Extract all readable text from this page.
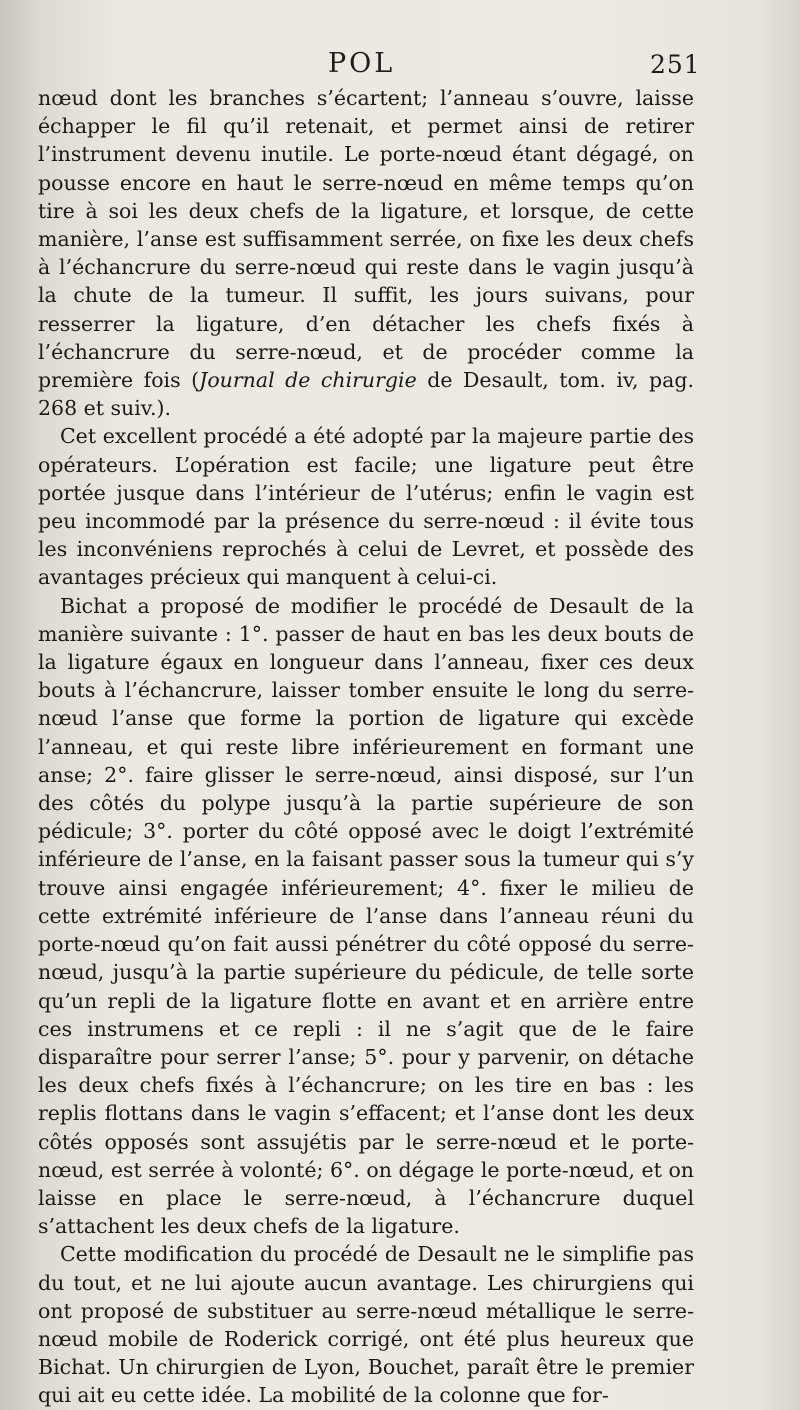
POL	251

nœud dont les branches s’écartent; l’anneau s’ouvre, laisse échapper le fil qu’il retenait, et permet ainsi de retirer l’instrument devenu inutile. Le porte-nœud étant dégagé, on pousse encore en haut le serre-nœud en même temps qu’on tire à soi les deux chefs de la ligature, et lorsque, de cette manière, l’anse est suffisamment serrée, on fixe les deux chefs à l’échancrure du serre-nœud qui reste dans le vagin jusqu’à la chute de la tumeur. Il suffit, les jours suivans, pour resserrer la ligature, d’en détacher les chefs fixés à l’échancrure du serre-nœud, et de procéder comme la première fois (Journal de chirurgie de Desault, tom. iv, pag. 268 et suiv.).

Cet excellent procédé a été adopté par la majeure partie des opérateurs. L’opération est facile; une ligature peut être portée jusque dans l’intérieur de l’utérus; enfin le vagin est peu incommodé par la présence du serre-nœud : il évite tous les inconvéniens reprochés à celui de Levret, et possède des avantages précieux qui manquent à celui-ci.

Bichat a proposé de modifier le procédé de Desault de la manière suivante : 1°. passer de haut en bas les deux bouts de la ligature égaux en longueur dans l’anneau, fixer ces deux bouts à l’échancrure, laisser tomber ensuite le long du serre-nœud l’anse que forme la portion de ligature qui excède l’anneau, et qui reste libre inférieurement en formant une anse; 2°. faire glisser le serre-nœud, ainsi disposé, sur l’un des côtés du polype jusqu’à la partie supérieure de son pédicule; 3°. porter du côté opposé avec le doigt l’extrémité inférieure de l’anse, en la faisant passer sous la tumeur qui s’y trouve ainsi engagée inférieurement; 4°. fixer le milieu de cette extrémité inférieure de l’anse dans l’anneau réuni du porte-nœud qu’on fait aussi pénétrer du côté opposé du serre-nœud, jusqu’à la partie supérieure du pédicule, de telle sorte qu’un repli de la ligature flotte en avant et en arrière entre ces instrumens et ce repli : il ne s’agit que de le faire disparaître pour serrer l’anse; 5°. pour y parvenir, on détache les deux chefs fixés à l’échancrure; on les tire en bas : les replis flottans dans le vagin s’effacent; et l’anse dont les deux côtés opposés sont assujétis par le serre-nœud et le porte-nœud, est serrée à volonté; 6°. on dégage le porte-nœud, et on laisse en place le serre-nœud, à l’échancrure duquel s’attachent les deux chefs de la ligature.

Cette modification du procédé de Desault ne le simplifie pas du tout, et ne lui ajoute aucun avantage. Les chirurgiens qui ont proposé de substituer au serre-nœud métallique le serre-nœud mobile de Roderick corrigé, ont été plus heureux que Bichat. Un chirurgien de Lyon, Bouchet, paraît être le premier qui ait eu cette idée. La mobilité de la colonne que for-
